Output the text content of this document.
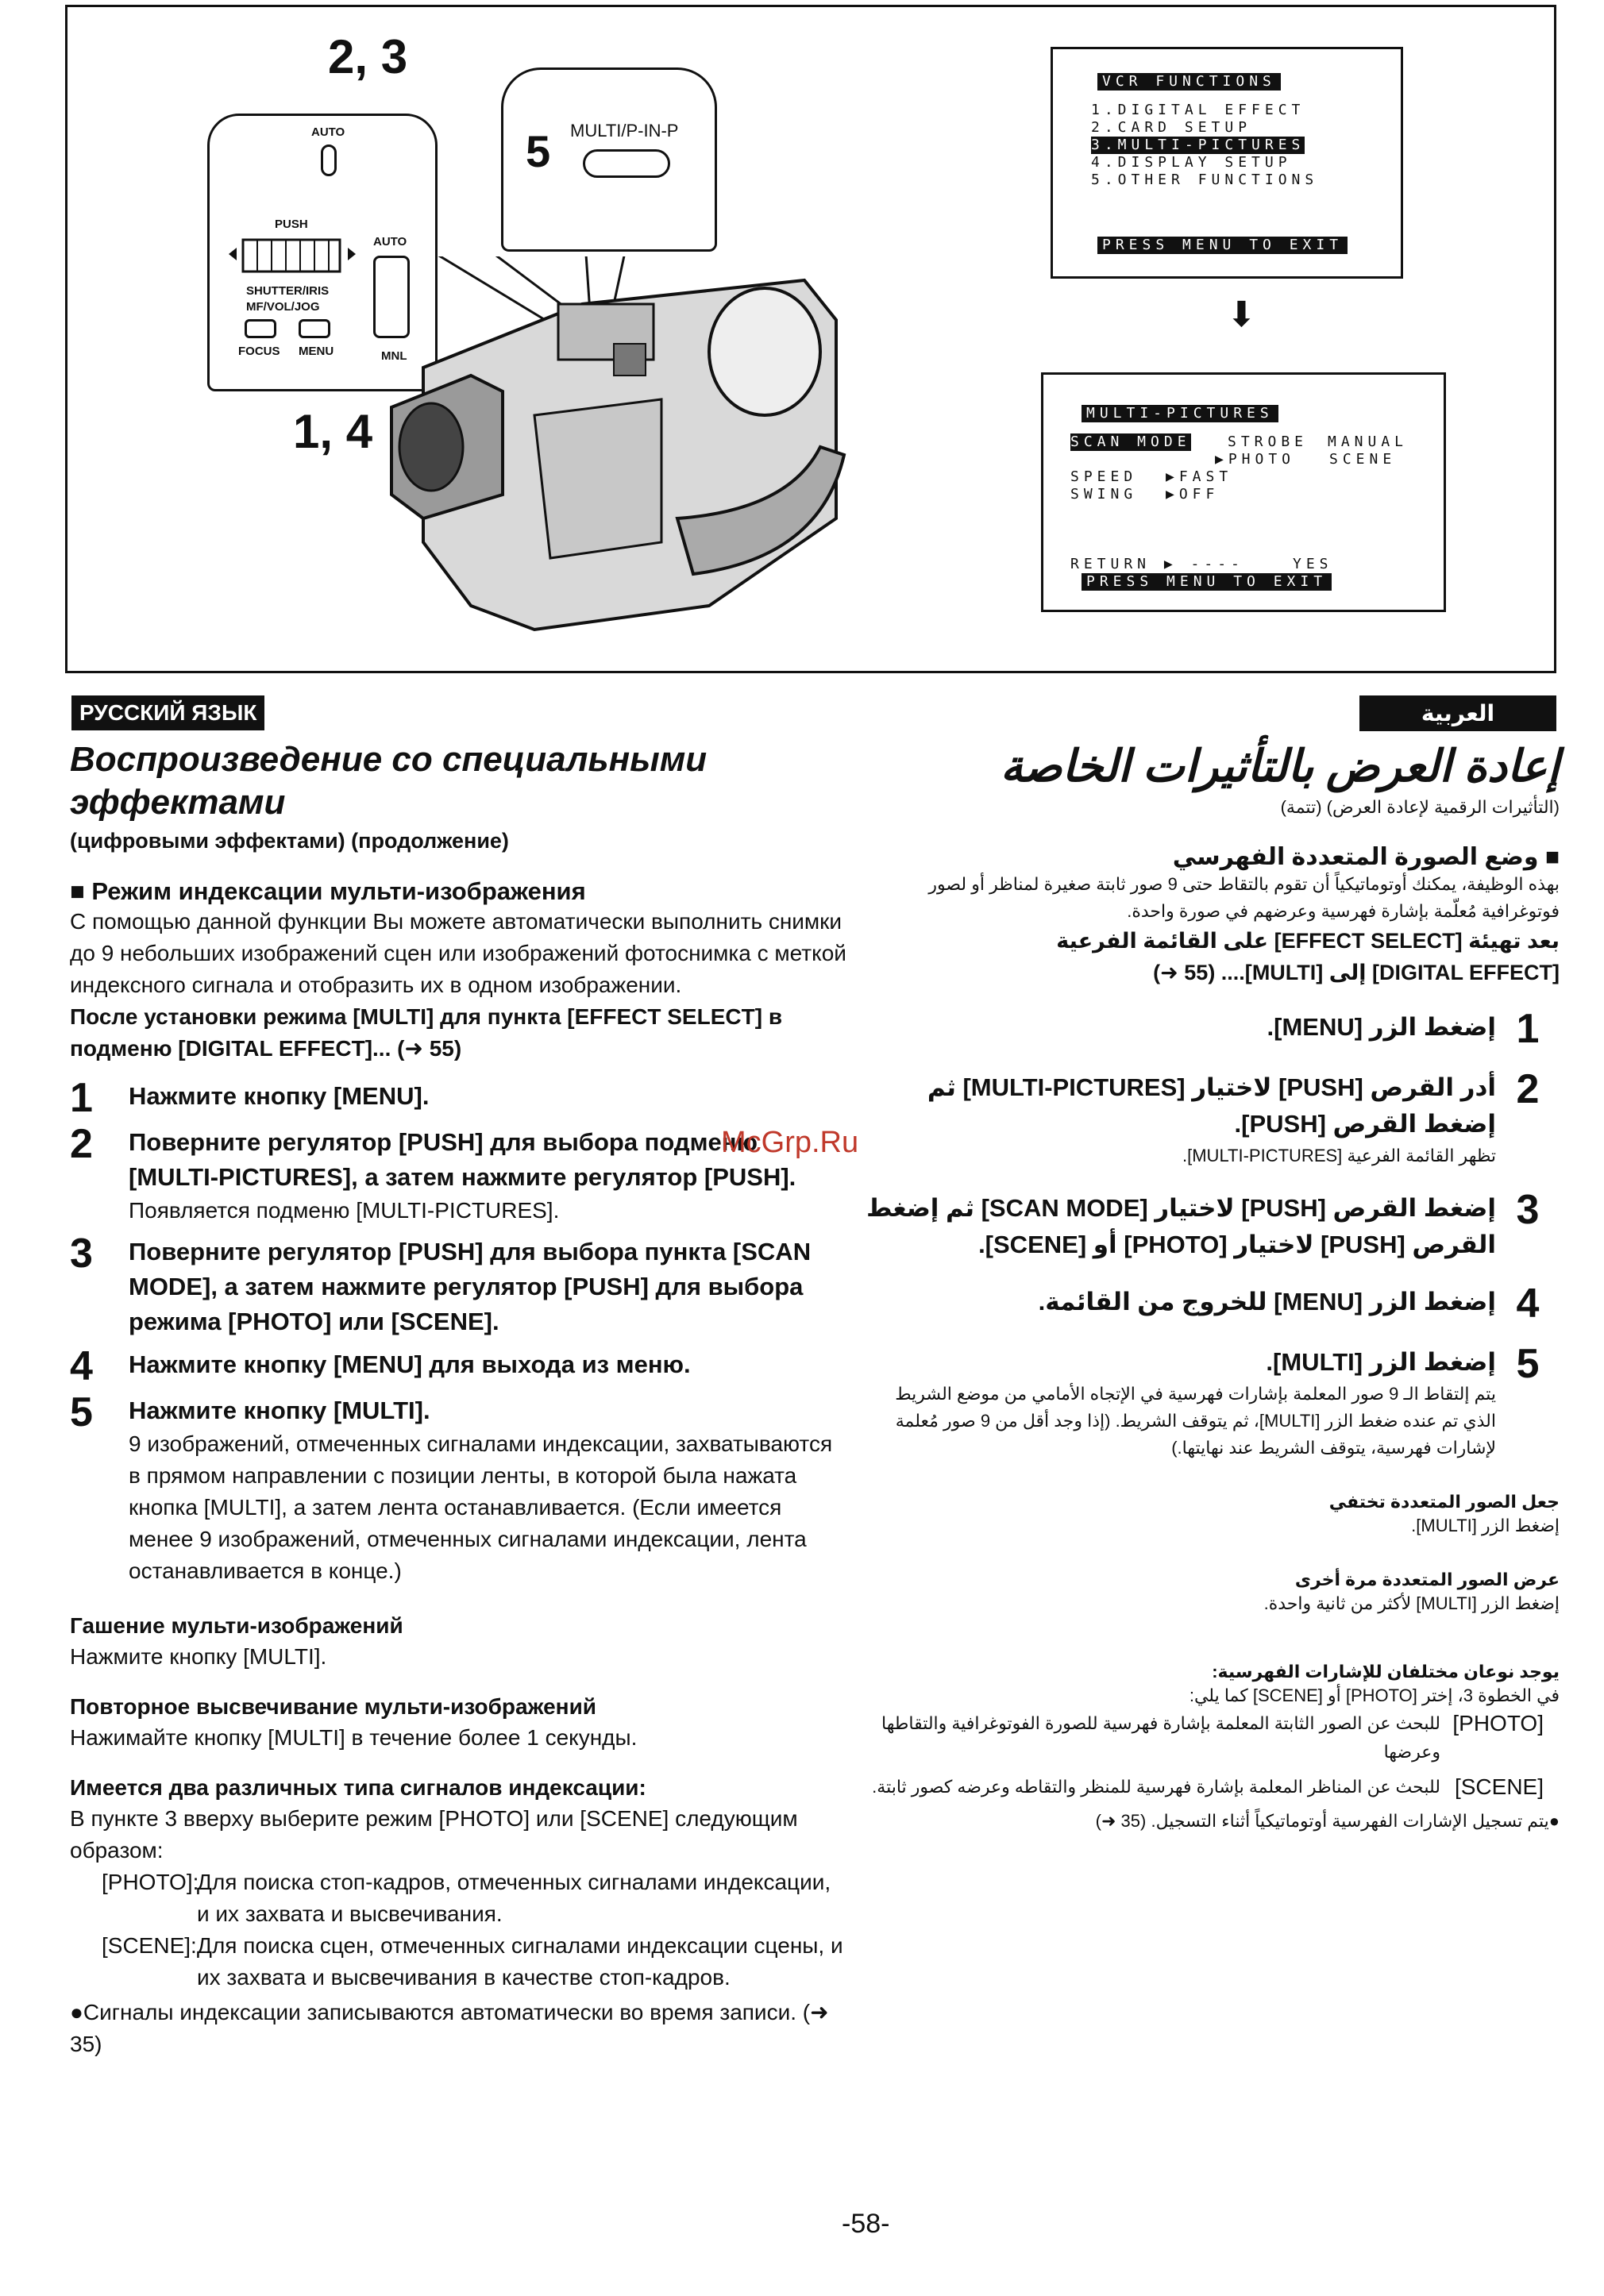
2, 3
1, 4
AUTO
PUSH
SHUTTER/IRIS
MF/VOL/JOG
FOCUS MENU
AUTO
MNL
5 MULTI/P-IN-P
VCR FUNCTIONS
1.DIGITAL EFFECT
2.CARD SETUP
3.MULTI-PICTURES
4.DISPLAY SETUP
5.OTHER FUNCTIONS
PRESS MENU TO EXIT
⬇
MULTI-PICTURES
SCAN MODE	STROBE MANUAL
▶PHOTO SCENE
SPEED ▶FAST
SWING ▶OFF
RETURN ▶ ----	YES
PRESS MENU TO EXIT
РУССКИЙ ЯЗЫК	العربية
Воспроизведение со специальными эффектами
(цифровыми эффектами) (продолжение)
■ Режим индексации мульти-изображения
С помощью данной функции Вы можете автоматически выполнить снимки до 9 небольших изображений сцен или изображений фотоснимка с меткой индексного сигнала и отобразить их в одном изображении.
После установки режима [MULTI] для пункта [EFFECT SELECT] в подменю [DIGITAL EFFECT]... (➜ 55)
1	Нажмите кнопку [MENU].
2	Поверните регулятор [PUSH] для выбора подменю [MULTI-PICTURES], а затем нажмите регулятор [PUSH].
Появляется подменю [MULTI-PICTURES].
3	Поверните регулятор [PUSH] для выбора пункта [SCAN MODE], а затем нажмите регулятор [PUSH] для выбора режима [PHOTO] или [SCENE].
4	Нажмите кнопку [MENU] для выхода из меню.
5	Нажмите кнопку [MULTI].
9 изображений, отмеченных сигналами индексации, захватываются в прямом направлении с позиции ленты, в которой была нажата кнопка [MULTI], а затем лента останавливается. (Если имеется менее 9 изображений, отмеченных сигналами индексации, лента останавливается в конце.)
Гашение мульти-изображений
Нажмите кнопку [MULTI].
Повторное высвечивание мульти-изображений
Нажимайте кнопку [MULTI] в течение более 1 секунды.
Имеется два различных типа сигналов индексации:
В пункте 3 вверху выберите режим [PHOTO] или [SCENE] следующим образом:
[PHOTO]:
Для поиска стоп-кадров, отмеченных сигналами индексации, и их захвата и высвечивания.
[SCENE]: Для поиска сцен, отмеченных сигналами индексации сцены, и их захвата и высвечивания в качестве стоп-кадров.
●Сигналы индексации записываются автоматически во время записи. (➜ 35)
إعادة العرض بالتأثيرات الخاصة
(التأثيرات الرقمية لإعادة العرض) (تتمة)
■ وضع الصورة المتعددة الفهرسي
بهذه الوظيفة، يمكنك أوتوماتيكياً أن تقوم بالتقاط حتى 9 صور ثابتة صغيرة لمناظر أو لصور فوتوغرافية مُعلّمة بإشارة فهرسية وعرضهم في صورة واحدة.
بعد تهيئة [EFFECT SELECT] على القائمة الفرعية
[DIGITAL EFFECT] إلى [MULTI].... (55 ➜)
1
إضغط الزر [MENU].
2
أدر القرص [PUSH] لاختيار [MULTI-PICTURES] ثم إضغط القرص [PUSH].
تظهر القائمة الفرعية [MULTI-PICTURES].
3
إضغط القرص [PUSH] لاختيار [SCAN MODE] ثم إضغط القرص [PUSH] لاختيار [PHOTO] أو [SCENE].
4
إضغط الزر [MENU] للخروج من القائمة.
5
إضغط الزر [MULTI].
يتم إلتقاط الـ 9 صور المعلمة بإشارات فهرسية في الإتجاه الأمامي من موضع الشريط الذي تم عنده ضغط الزر [MULTI]، ثم يتوقف الشريط. (إذا وجد أقل من 9 صور مُعلمة لإشارات فهرسية، يتوقف الشريط عند نهايتها.)
جعل الصور المتعددة تختفي
إضغط الزر [MULTI].
عرض الصور المتعددة مرة أخرى
إضغط الزر [MULTI] لأكثر من ثانية واحدة.
يوجد نوعان مختلفان للإشارات الفهرسية:
في الخطوة 3، إختر [PHOTO] أو [SCENE] كما يلي:
[PHOTO]
للبحث عن الصور الثابتة المعلمة بإشارة فهرسية للصورة الفوتوغرافية والتقاطها وعرضها
[SCENE]
للبحث عن المناظر المعلمة بإشارة فهرسية للمنظر والتقاطه وعرضه كصور ثابتة.
●يتم تسجيل الإشارات الفهرسية أوتوماتيكياً أثناء التسجيل. (35 ➜)
McGrp.Ru
-58-
